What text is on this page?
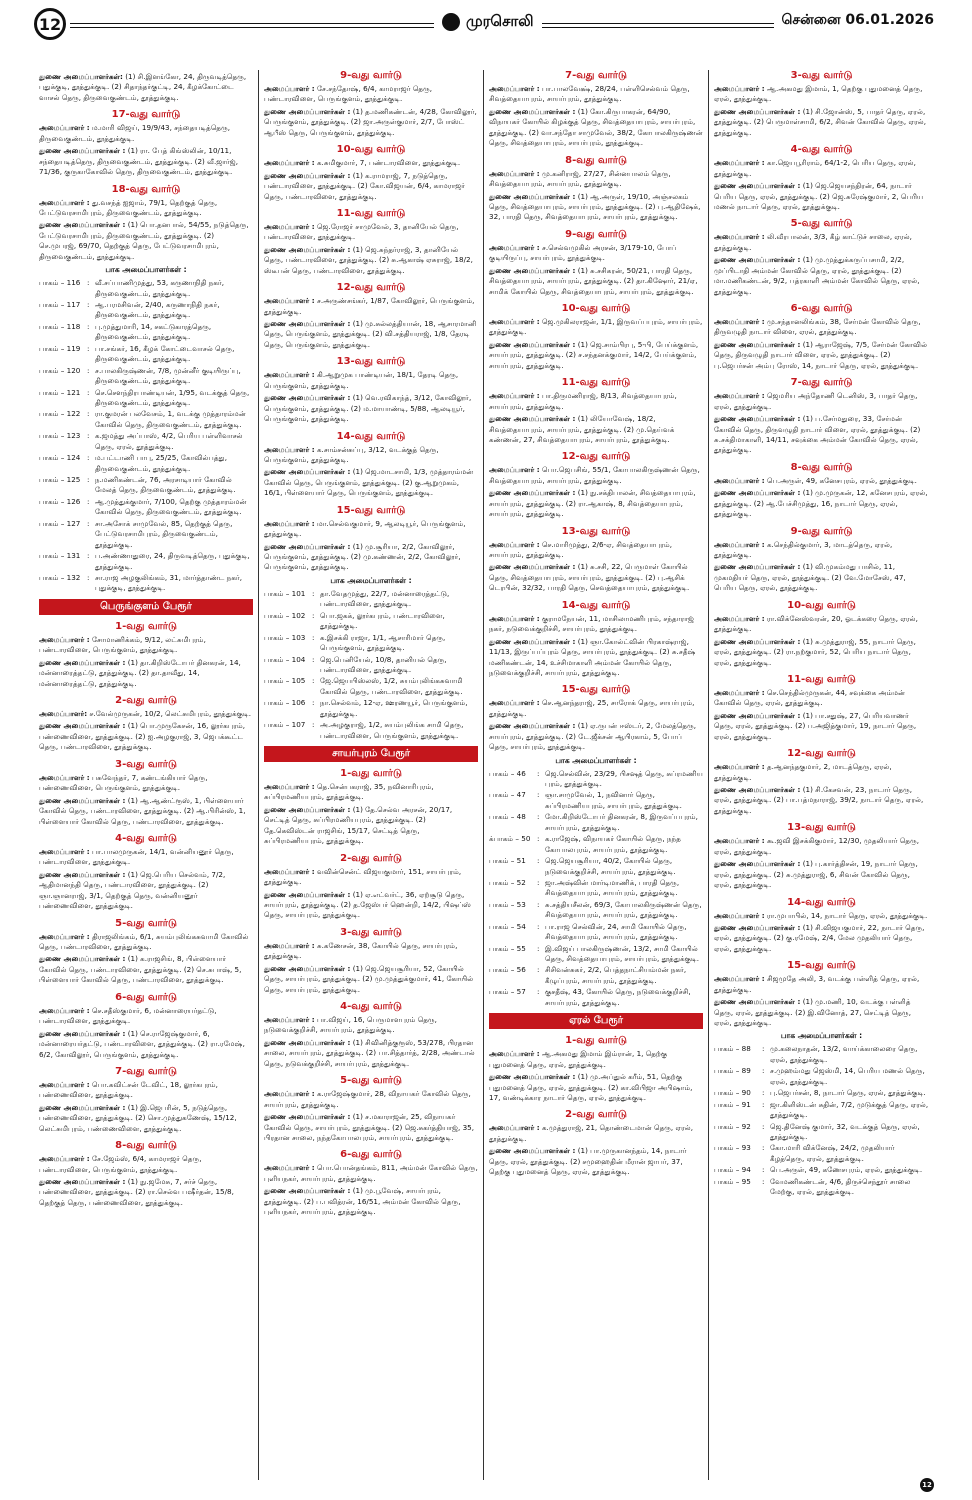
12	முரசொலி	சென்னை 06.01.2026
துணை அமைப்பாளர்கள்: (1) சி.இளங்கோ, 24, திருவடித்தெரு, புதுக்குடி, தூத்துக்குடி. (2) சிதாந்தர்குட்டி, 24, கீழக்கோட்டை வாசல் தெரு, திருவைகுண்டம், தூத்துக்குடி.
17-வது வார்டு
அமைப்பாளர் : ம.மாரி விஜய், 19/9/43, சந்தையடித்தெரு, திருவைகுண்டம், தூத்துக்குடி.
துணை அமைப்பாளர்கள் : (1) ரா. பேத் கிங்ஸ்லின், 10/11, சந்தையடித்தெரு, திருவைகுண்டம், தூத்துக்குடி. (2) வீ.ஜார்ஜ், 71/36, குருகாகோவில் தெரு, திருவைகுண்டம், தூத்துக்குடி.
18-வது வார்டு
அமைப்பாளர் : து.வசந்த் ஐஜாம், 79/1, தெற்குத் தெரு, பேட்டுவரசாமிபுரம், திருவைகுண்டம், தூத்துக்குடி.
துணை அமைப்பாளர்கள் : (1) பொ.தனபால், 54/55, நடுத்தெரு, பேட்டுவரசாமிபுரம், திருவைகுண்டம், தூத்துக்குடி. (2) செ.முபரஜ், 69/70, தெற்குத் தெரு, பேட்டுவரசாமிபுரம், திருவைகுண்டம், தூத்துக்குடி.
பாக அமைப்பாளர்கள் :
பாகம் – 116 : வீ.சப்பாணிமுத்து, 53, கருணாநிதி நகர், திருவைகுண்டம், தூத்துக்குடி.
பாகம் – 117 : ஆ.பரமசிவன், 2/40, கருணாநிதி நகர், திருவைகுண்டம், தூத்துக்குடி.
பாகம் – 118 : பு.முத்துமாரி, 14, சகட்டுகாரத்தெரு, திருவைகுண்டம், தூத்துக்குடி.
பாகம் – 119 : பா.சங்கர், 16, கீழக் கோட்டைவாசல் தெரு, திருவைகுண்டம், தூத்துக்குடி.
பாகம் – 120 : ச.பாலகிருஷ்ணன், 7/8, முன்னீர் குடியிருப்பு, திருவைகுண்டம், தூத்துக்குடி.
பாகம் – 121 : செ.சௌந்திரபாண்டியன், 1/95, வடக்குத் தெரு, திருவைகுண்டம், தூத்துக்குடி.
பாகம் – 122 : ரா.குமரன் பலவேசம், 1, வடக்கு முத்தாரம்மன் கோவில் தெரு, திருவைகுண்டம், தூத்துக்குடி.
பாகம் – 123 : க.ஜமத்து அப்பாஸ், 4/2, பெரிய பள்ளிவாசல் தெரு, ஏரல், தூத்துக்குடி.
பாகம் – 124 : ம.பட்டாணி பாபு, 25/25, கோவில்பத்து, திருவைகுண்டம், தூத்துக்குடி.
பாகம் – 125 : ந.மணிகண்டன், 76, அரசாடியார் கோவில் மேலத் தெரு, திருவைகுண்டம், தூத்துக்குடி.
பாகம் – 126 : ஆ.முத்துக்குமார், 7/100, தெற்கு முத்தாரம்மன் கோவில் தெரு, திருவைகுண்டம், தூத்துக்குடி.
பாகம் – 127 : சா.அசோக் சாமுவேல், 85, தெற்குத் தெரு, பேட்டுவரசாமிபுரம், திருவைகுண்டம், தூத்துக்குடி.
பாகம் – 131 : ப.அண்ணாதுரை, 24, திருவடித்தெரு, புதுக்குடி, தூத்துக்குடி.
பாகம் – 132 : சா.ராஜ அழகுலிங்கம், 31, மார்த்தாண்ட நகர், புதுக்குடி, தூத்துக்குடி.
பெருங்குளம் பேரூர்
1-வது வார்டு
அமைப்பாளர் : சோமாணிக்கம், 9/12, லட்சுமிபுரம், பண்டாரவிளை, பெருங்குளம், தூத்துக்குடி.
துணை அமைப்பாளர்கள் : (1) தா.கிறிஸ்டோபர் தினகரன், 14, மன்னாரைத்தட்டு, தூத்துக்குடி. (2) தா.தாவீது, 14, மன்னாரைத்தட்டு, தூத்துக்குடி.
2-வது வார்டு
அமைப்பாளர்: ச.வேல்முருகன், 10/2, லெட்சுமிபுரம், தூத்துக்குடி.
துணை அமைப்பாளர்கள் : (1) பொ.முருகேசன், 16, லூர்கபுரம், பண்ணைவிளை, தூத்துக்குடி. (2) ஐ.அழகுராஜ், 3, ஜெபக்கூட்ட தெரு, பண்டாரவிளை, தூத்துக்குடி.
3-வது வார்டு
அமைப்பாளர் : பசுவேந்தர், 7, கண்டங்கியார் தெரு, பண்ணைவிளை, பெருங்குளம், தூத்துக்குடி.
துணை அமைப்பாளர்கள் : (1) ஆ.ஆண்ட்ரூஸ், 1, பிள்ளையார் கோவில் தெரு, பண்டாரவிளை, தூத்துக்குடி. (2) ஆ.பிரின்ஸ், 1, பிள்ளையார் கோவில் தெரு, பண்டாரவிளை, தூத்துக்குடி.
4-வது வார்டு
அமைப்பாளர் : பா.பாலமுருகன், 14/1, வன்னியனூர் தெரு, பண்டாரவிளை, தூத்துக்குடி.
துணை அமைப்பாளர்கள் : (1) ஜெ.பெரிய செல்வம், 7/2, ஆதிமானந்தி தெரு, பண்டாரவிளை, தூத்துக்குடி. (2) ஞா.ஞானராஜ், 3/1, தெற்குத் தெரு, வன்னியனூர் பண்ணைவிளை, தூத்துக்குடி.
5-வது வார்டு
அமைப்பாளர் : திராஜலிங்கம், 6/1, சுயம்புலிங்கசுவாமி கோவில் தெரு, பண்டாரவிளை, தூத்துக்குடி.
துணை அமைப்பாளர்கள் : (1) க.ராஜசிங், 8, பிள்ளையார் கோவில் தெரு, பண்டாரவிளை, தூத்துக்குடி. (2) செ.சுபாஷ், 5, பிள்ளையார் கோவில் தெரு, பண்டாரவிளை, தூத்துக்குடி.
6-வது வார்டு
அமைப்பாளர் : செ.சதீஸ்குமார், 6, மன்னாரையர்தட்டு, பண்டாரவிளை, தூத்துக்குடி.
துணை அமைப்பாளர்கள் : (1) செ.ராஜேஷ்குமார், 6, மன்னாரையர்தட்டு, பண்டாரவிளை, தூத்துக்குடி. (2) ரா.ரமேஷ், 6/2, கோவிலூர், பெருங்குளம், தூத்துக்குடி.
7-வது வார்டு
அமைப்பாளர் : பொ.கவிட்சன் டேவிட், 18, லூர்கபுரம், பண்ணைவிளை, தூத்துக்குடி.
துணை அமைப்பாளர்கள் : (1) இ.ஜெபரின், 5, நடுத்தெரு, பண்ணைவிளை, தூத்துக்குடி. (2) சொ.முத்துகணேஷ், 15/12, லெட்சுமிபுரம், பண்ணைவிளை, தூத்துக்குடி.
8-வது வார்டு
அமைப்பாளர் : சே.ஜேம்ஸ், 6/4, காமராஜர் தெரு, பண்டாரவிளை, பெருங்குளம், தூத்துக்குடி.
துணை அமைப்பாளர்கள் : (1) நு.ஜமேசு, 7, சர்ச் தெரு, பண்ணைவிளை, தூத்துக்குடி. (2) ரா.செல்வ பஷீர்தன், 15/8, தெற்குத் தெரு, பண்ணைவிளை, தூத்துக்குடி.
9-வது வார்டு
அமைப்பாளர் : சே.சந்தோஷ், 6/4, காமராஜர் தெரு, பண்டாரவிளை, பெருங்குளம், தூத்துக்குடி.
துணை அமைப்பாளர்கள் : (1) த.மணிகண்டன், 4/28, கோவிலூர், பெருங்குளம், தூத்துக்குடி. (2) ஜா.அருள்குமார், 2/7, போஸ்ட் ஆபீஸ் தெரு, பெருங்குளம், தூத்துக்குடி.
10-வது வார்டு
அமைப்பாளர் : க.சுமிகுமார், 7, பண்டாரவிளை, தூத்துக்குடி.
துணை அமைப்பாளர்கள் : (1) க.ராமராஜ், 7, நடுத்தெரு, பண்டாரவிளை, தூத்துக்குடி. (2) கோ.விஜயன், 6/4, காமராஜர் தெரு, பண்டாரவிளை, தூத்துக்குடி.
11-வது வார்டு
அமைப்பாளர் : ஜெ.ரோஜர் சாமுவேல், 3, தானியேல் தெரு, பண்டாரவிளை, தூத்துக்குடி.
துணை அமைப்பாளர்கள் : (1) ஜெ.சுந்தர்ராஜ், 3, தானியேல் தெரு, பண்டாரவிளை, தூத்துக்குடி. (2) சு.ஆகாஷ் ஏசுராஜ், 18/2, ஸ்டீபன் தெரு, பண்டாரவிளை, தூத்துக்குடி.
12-வது வார்டு
அமைப்பாளர் : ச.அருண்சங்கர், 1/87, கோவிலூர், பெருங்குளம், தூத்துக்குடி.
துணை அமைப்பாளர்கள் : (1) மு.சுல்லத்தியான், 18, ஆசாரமானி தெரு, பெருங்குளம், தூத்துக்குடி. (2) வி.சத்தியராஜ், 1/8, தேரடி தெரு, பெருங்குளம், தூத்துக்குடி.
13-வது வார்டு
அமைப்பாளர் : கி.ஆறுமுக பாண்டியன், 18/1, தேரடி தெரு, பெருங்குளம், தூத்துக்குடி.
துணை அமைப்பாளர்கள் : (1) வெ.ரவிகாந்த், 3/12, கோவிலூர், பெருங்குளம், தூத்துக்குடி. (2) ம.மாயாண்டி, 5/88, ஆலடியூர், பெருங்குளம், தூத்துக்குடி.
14-வது வார்டு
அமைப்பாளர் : க.சாம்சன்சுப்பு, 3/12, வடக்குத் தெரு, பெருங்குளம், தூத்துக்குடி.
துணை அமைப்பாளர்கள் : (1) ஜெ.மாடசாமி, 1/3, முத்தாரம்மன் கோவில் தெரு, பெருங்குளம், தூத்துக்குடி. (2) கு.ஆறுமுகம், 16/1, பிள்ளையார் தெரு, பெருங்குளம், தூத்துக்குடி.
15-வது வார்டு
அமைப்பாளர் : மா.செல்வகுமார், 9, ஆலடியூர், பெருங்குளம், தூத்துக்குடி.
துணை அமைப்பாளர்கள் : (1) மு.சூரியா, 2/2, கோவிலூர், பெருங்குளம், தூத்துக்குடி. (2) மு.கண்ணன், 2/2, கோவிலூர், பெருங்குளம், தூத்துக்குடி.
பாக அமைப்பாளர்கள் :
பாகம் – 101 : தா.வேதமுத்து, 22/7, மன்னாரைத்தட்டு, பண்டாரவிளை, தூத்துக்குடி.
பாகம் – 102 : பொ.ஜகக், லூர்கபுரம், பண்டாரவிளை, தூத்துக்குடி.
பாகம் – 103 : க.இசக்கி ராஜா, 1/1, ஆசாரிமார் தெரு, பெருங்குளம், தூத்துக்குடி.
பாகம் – 104 : ஜெ.பெனியேல், 10/8, தானியல் தெரு, பண்டாரவிளை, தூத்துக்குடி.
பாகம் – 105 : ஜே.ஜெயபிஸ்லஸ், 1/2, சுயம்புலிங்கசுவாமி கோவில் தெரு, பண்டாரவிளை, தூத்துக்குடி.
பாகம் – 106 : நா.செல்வம், 12-ஏ, ஊரணயூர், பெருங்குளம், தூத்துக்குடி.
பாகம் – 107 : அ.அழகுராஜ், 1/2, சுயம்புலிங்க சாமி தெரு, பண்டாரவிளை, பெருங்குளம், தூத்துக்குடி.
சாயர்புரம் பேரூர்
1-வது வார்டு
அமைப்பாளர் : தெ.சென்பகராஜ், 35, நவினாரிபுரம், சுப்பிரமணியபுரம், தூத்துக்குடி.
துணை அமைப்பாளர்கள் : (1) தே.செல்வ அரசன், 20/17, செட்டித் தெரு, சுப்பிரமணியபுரம், தூத்துக்குடி. (2) தே.கெவிஸ்டன் ராஜசிங், 15/17, செட்டித் தெரு, சுப்பிரமணியபுரம், தூத்துக்குடி.
2-வது வார்டு
அமைப்பாளர் : வவின்சென்ட் விஜயகுமார், 151, சாயர்புரம், தூத்துக்குடி.
துணை அமைப்பாளர்கள் : (1) ஏ.எட்வர்ட், 36, ஏற்சூடு தெரு, சாயர்புரம், தூத்துக்குடி. (2) த.ஜேஸ்பர் ஹென்றி, 14/2, பிஷப்ஸ் தெரு, சாயர்புரம், தூத்துக்குடி.
3-வது வார்டு
அமைப்பாளர் : சு.கணேசன், 38, கோயில் தெரு, சாயர்புரம், தூத்துக்குடி.
துணை அமைப்பாளர்கள் : (1) ஜெ.ஜெயசூரியா, 52, கோயில் தெரு, சாயர்புரம், தூத்துக்குடி. (2) மு.முத்துக்குமார், 41, கோயில் தெரு, சாயர்புரம், தூத்துக்குடி.
4-வது வார்டு
அமைப்பாளர் : பா.விஜய், 16, பெருமாளபுரம் தெரு, நடுவைக்குறிச்சி, சாயர்புரம், தூத்துக்குடி.
துணை அமைப்பாளர்கள் : (1) சிவினித்குரூஸ், 53/278, பிரதான சாலை, சாயர்புரம், தூத்துக்குடி. (2) பா.சித்தார்த், 2/28, அண்டால் தெரு, நடுவக்குறிச்சி, சாயர்புரம், தூத்துக்குடி.
5-வது வார்டு
அமைப்பாளர் : க.ராஜேஷ்குமார், 28, விநாயகர் கோவில் தெரு, சாயர்புரம், தூத்துக்குடி.
துணை அமைப்பாளர்கள் : (1) ச.மகாராஜன், 25, விநாயகர் கோவில் தெரு, சாயர்புரம், தூத்துக்குடி. (2) ஜெ.சுகர்த்தியாஜ், 35, பிரதான சாலை, நந்தகோபாலபுரம், சாயர்புரம், தூத்துக்குடி.
6-வது வார்டு
அமைப்பாளர் : பொ.பொன்தங்கம், 811, அம்மன் கோவில் தெரு, புளியநகர், சாயர்புரம், தூத்துக்குடி.
துணை அமைப்பாளர்கள் : (1) மு.பூவேஷ், சாயர்புரம், தூத்துக்குடி. (2) ப.பவித்ரன், 16/51, அம்மன் கோவில் தெரு, புளியநகர், சாயர்புரம், தூத்துக்குடி.
7-வது வார்டு
அமைப்பாளர் : பா.பாலவேக்ஷ், 28/24, பள்ளிசெல்வம் தெரு, சிவத்தையாபுரம், சாயர்புரம், தூத்துக்குடி.
துணை அமைப்பாளர்கள் : (1) கோ.கிருபாகரன், 64/90, விநாயகர் கோயில் கிழக்குத் தெரு, சிவத்தையாபுரம், சாயர்புரம், தூத்துக்குடி. (2) வா.சந்தோ சாமுவேல், 38/2, கோபாலகிருஷ்ணன் தெரு, சிவத்தையாபுரம், சாயர்புரம், தூத்துக்குடி.
8-வது வார்டு
அமைப்பாளர் : மு.கனிராஜ், 27/27, சின்னபாலம் தெரு, சிவத்தையாபுரம், சாயர்புரம், தூத்துக்குடி.
துணை அமைப்பாளர்கள் : (1) ஆ.அருள், 19/10, அஞ்சலகம் தெரு, சிவத்தையாபுரம், சாயர்புரம், தூத்துக்குடி. (2) பு.ஆதிஷேக், 32, பாரதி தெரு, சிவத்தையாபுரம், சாயர்புரம், தூத்துக்குடி.
9-வது வார்டு
அமைப்பாளர் : ச.செல்வமுகில் அரசன், 3/179-10, போப் குடியிருப்பு, சாயர்புரம், தூத்துக்குடி.
துணை அமைப்பாளர்கள் : (1) சு.சசிகரன், 50/21, பாரதி தெரு, சிவத்தையாபுரம், சாயர்புரம், தூத்துக்குடி. (2) தா.கிஷோர், 21/ஏ, சாமிக் கோயில் தெரு, சிவத்தையாபுரம், சாயர்புரம், தூத்துக்குடி.
10-வது வார்டு
அமைப்பாளர் : ஜெ.முகிலராஜன், 1/1, இருவப்பபுரம், சாயர்புரம், தூத்துக்குடி.
துணை அமைப்பாளர்கள் : (1) ஜெ.சாம்பிரபு, 5-பி, பேய்க்குளம், சாயர்புரம், தூத்துக்குடி. (2) ச.சந்தனக்குமார், 14/2, பேய்க்குளம், சாயர்புரம், தூத்துக்குடி.
11-வது வார்டு
அமைப்பாளர் : பா.திருமணிராஜ், 8/13, சிவத்தையாபுரம், சாயர்புரம், தூத்துக்குடி.
துணை அமைப்பாளர்கள் : (1) லியோவேஷ், 18/2, சிவத்தையாபுரம், சாயர்புரம், தூத்துக்குடி. (2) மு.தெய்வக் கண்ணன், 27, சிவத்தையாபுரம், சாயர்புரம், தூத்துக்குடி.
12-வது வார்டு
அமைப்பாளர் : பொ.ஜெபசிங், 55/1, கோபாலகிருஷ்ணன் தெரு, சிவத்தையாபுரம், சாயர்புரம், தூத்துக்குடி.
துணை அமைப்பாளர்கள் : (1) நு.சக்திபாலன், சிவத்தையாபுரம், சாயர்புரம், தூத்துக்குடி. (2) ரா.ஆகாஷ், 8, சிவத்தையாபுரம், சாயர்புரம், தூத்துக்குடி.
13-வது வார்டு
அமைப்பாளர் : செ.மாரிமுத்து, 2/6-ஏ, சிவத்தையாபுரம், சாயர்புரம், தூத்துக்குடி.
துணை அமைப்பாளர்கள் : (1) சு.சசி, 22, பெருமாள் கோயில் தெரு, சிவத்தையாபுரம், சாயர்புரம், தூத்துக்குடி. (2) பு.ஆசிக் டெரபின், 32/32, பாரதி தெரு, செவத்தையாபுரம், தூத்துக்குடி.
14-வது வார்டு
அமைப்பாளர் : குராமநேயன், 11, மாசிலாமணிபுரம், சந்தாராஜ் நகர், நடுவைக்குறிச்சி, சாயர்புரம், தூத்துக்குடி.
துணை அமைப்பாளர்கள் : (1) ஞா.கோல்ட்வின் பிரகாஷ்ராஜ், 11/13, இருப்பப்புரம் தெரு, சாயர்புரம், தூத்துக்குடி. (2) சு.சதீஷ் மணிகண்டன், 14, உச்சிமாகாளி அம்மன் கோயில் தெரு, நடுவைக்குறிச்சி, சாயர்புரம், தூத்துக்குடி.
15-வது வார்டு
அமைப்பாளர் : செ.ஆனந்தராஜ், 25, சாரோக் தெரு, சாயர்புரம், தூத்துக்குடி.
துணை அமைப்பாளர்கள் : (1) ஏ.ருபன் ஈஸ்டர், 2, மேலத்தெரு, சாயர்புரம், தூத்துக்குடி. (2) டே.ஜீக்சன் ஆபிரகாம், 5, போப் தெரு, சாயர்புரம், தூத்துக்குடி.
பாக அமைப்பாளர்கள் :
பாகம் – 46	: ஜெ.செல்வின், 23/29, பிசஷத் தெரு, சுப்ரமணிய புரம், தூத்துக்குடி.
பாகம் – 47	: ஞா.சாமுவேல், 1, நவினார் தெரு, சுப்பிரமணியபுரம், சாயர்புரம், தூத்துக்குடி.
பாகம் – 48	: மோ.கிறிஸ்டோபர் தினகரன், 8, இருவப்பபுரம், சாயர்புரம், தூத்துக்குடி.
க்பாகம் – 50 : க.ராஜேஷ், விநாயகர் கோயில் தெரு, நந்த கோபாலபுரம், சாயர்புரம், தூத்துக்குடி.
பாகம் – 51	: ஜெ.ஜெயசூரியா, 40/2, கோயில் தெரு, நடுவைக்குறிச்சி, சாயர்புரம், தூத்துக்குடி.
பாகம் – 52	: ஜா.அஷ்வின் மார்டிமாணிக், பாரதி தெரு, சிவத்தையாபுரம், சாயர்புரம், தூத்துக்குடி.
பாகம் – 53	: சு.சத்தியசீலன், 69/3, கோபாலகிருஷ்ணன் தெரு, சிவத்தையாபுரம், சாயர்புரம், தூத்துக்குடி.
பாகம் – 54	: பா.ராஜ செல்வின், 24, சாமி கோயில் தெரு, சிவத்தையாபுரம், சாயர்புரம், தூத்துக்குடி.
பாகம் – 55	: இ.விஜய் பாலகிருஷ்ணன், 13/2, சாமி கோயில் தெரு, சிவத்தையாபுரம், சாயர்புரம், தூத்துக்குடி.
பாகம் – 56	: சிசிவன்சுகர், 2/2, பெத்தநாட்சியம்மன் நகர், கீழுப்புரம், சாயர்புரம், தூத்துக்குடி.
பாகம் – 57	: குசதீஷ், 43, கோயில் தெரு, நடுவைக்குறிச்சி, சாயர்புரம், தூத்துக்குடி.
ஏரல் பேரூர்
1-வது வார்டு
அமைப்பாளர் : ஆ.அகமது இமாம் இம்ரான், 1, தெற்கு புதுமனைத் தெரு, ஏரல், தூத்துக்குடி.
துணை அமைப்பாளர்கள் : (1) மு.அப்துல் கரீம், 51, தெற்கு புதுமனைத் தெரு, ஏரல், தூத்துக்குடி. (2) கா.விபிஜா அபிஷாம், 17, வண்டிக்கார நாடார் தெரு, ஏரல், தூத்துக்குடி.
2-வது வார்டு
அமைப்பாளர் : க.முத்துராஜ், 21, தொண்டைமான் தெரு, ஏரல், தூத்துக்குடி.
துணை அமைப்பாளர்கள் : (1) பா.முருகானந்தம், 14, நாடார் தெரு, ஏரல், தூத்துக்குடி. (2) சமுஹைதின் மீரான் ஜாபர், 37, தெற்கு புதுமனைத் தெரு, ஏரல், தூத்துக்குடி.
3-வது வார்டு
அமைப்பாளர் : ஆ.அகமது இமாம், 1, தெற்கு புதுமனைத் தெரு, ஏரல், தூத்துக்குடி.
துணை அமைப்பாளர்கள் : (1) சி.ஜோன்ஸ், 5, பாதர் தெரு, ஏரல், தூத்துக்குடி. (2) பெருமாள்சாமி, 6/2, சிவன் கோவில் தெரு, ஏரல், தூத்துக்குடி.
4-வது வார்டு
அமைப்பாளர் : கா.ஜெயபூரிராம், 64/1-2, பெரிய தெரு, ஏரல், தூத்துக்குடி.
துணை அமைப்பாளர்கள் : (1) ஜெ.ஜெயசந்திரன், 64, நாடார் பெரிய தெரு, ஏரல், தூத்துக்குடி. (2) ஜெ.சுரேஷ்குமார், 2, பெரிய மணல் நாடார் தெரு, ஏரல், தூத்துக்குடி.
5-வது வார்டு
அமைப்பாளர் : லி.வீரபாலன், 3/3, கீழ் காட்டுச் சாலை, ஏரல், தூத்துக்குடி.
துணை அமைப்பாளர்கள் : (1) மு.முத்துக்கருப்பசாமி, 2/2, முப்பிடாதி அம்மன் கோவில் தெரு, ஏரல், தூத்துக்குடி. (2) மா.மணிகண்டன், 9/2, பத்ரகாளி அம்மன் கோவில் தெரு, ஏரல், தூத்துக்குடி.
6-வது வார்டு
அமைப்பாளர் : மு.சந்தானலிங்கம், 38, சேர்மன் கோவில் தெரு, திருவழுதி நாடார் விளை, ஏரல், தூத்துக்குடி.
துணை அமைப்பாளர்கள் : (1) ஆராஜேஷ், 7/5, சேர்மன் கோவில் தெரு, திருவழுதி நாடார் விளை, ஏரல், தூத்துக்குடி. (2) பு.ஜெபர்சன் அம்பு ரோஸ், 14, நாடார் தெரு, ஏரல், தூத்துக்குடி.
7-வது வார்டு
அமைப்பாளர் : ஜெமரிய அந்தோணி டெனிஸ், 3, பாதர் தெரு, ஏரல், தூத்துக்குடி.
துணை அமைப்பாளர்கள் : (1) ப.சேர்மதுரை, 33, சேர்மன் கோவில் தெரு, திருவழுதி நாடார் விளை, ஏரல், தூத்துக்குடி. (2) சு.சக்திமாகாளி, 14/11, சவுக்கை அம்மன் கோவில் தெரு, ஏரல், தூத்துக்குடி.
8-வது வார்டு
அமைப்பாளர் : பெ.அருள், 49, கனேசபுரம், ஏரல், தூத்துக்குடி.
துணை அமைப்பாளர்கள் : (1) மு.முருகன், 12, கனேசபுரம், ஏரல், தூத்துக்குடி. (2) ஆ.பேச்சிமுத்து, 16, நாடார் தெரு, ஏரல், தூத்துக்குடி.
9-வது வார்டு
அமைப்பாளர் : க.செந்தில்குமார், 3, மாடத்தெரு, ஏரல், தூத்துக்குடி.
துணை அமைப்பாளர்கள் : (1) வி.முகம்மது பாசில், 11, முகமதியர் தெரு, ஏரல், தூத்துக்குடி. (2) வே.மோசேஸ், 47, பெரிய தெரு, ஏரல், தூத்துக்குடி.
10-வது வார்டு
அமைப்பாளர் : ரா.விக்னேஸ்வரன், 20, ஓடக்கரை தெரு, ஏரல், தூத்துக்குடி.
துணை அமைப்பாளர்கள் : (1) சு.முத்துராஜ், 55, நாடார் தெரு, ஏரல், தூத்துக்குடி. (2) ரா.நற்குமார், 52, பெரிய நாடார் தெரு, ஏரல், தூத்துக்குடி.
11-வது வார்டு
அமைப்பாளர் : செ.செந்தில்முருகன், 44, சவுக்கை அம்மன் கோவில் தெரு, ஏரல், தூத்துக்குடி.
துணை அமைப்பாளர்கள் : (1) பா.சதுஷ், 27, பெரியவாணர் தெரு, ஏரல், தூத்துக்குடி. (2) ப.அஜித்குமார், 19, நாடார் தெரு, ஏரல், தூத்துக்குடி.
12-வது வார்டு
அமைப்பாளர் : த.ஆனந்தகுமார், 2, மாடத்தெரு, ஏரல், தூத்துக்குடி.
துணை அமைப்பாளர்கள் : (1) சி.கேசவன், 23, நாடார் தெரு, ஏரல், தூத்துக்குடி. (2) பா.பத்மநாராஜ், 39/2, நாடார் தெரு, ஏரல், தூத்துக்குடி.
13-வது வார்டு
அமைப்பாளர் : கூ.ஜவி இசக்கிகுமார், 12/30, முதலியார் தெரு, ஏரல், தூத்துக்குடி.
துணை அமைப்பாளர்கள் : (1) பு.கார்த்திசன், 19, நாடார் தெரு, ஏரல், தூத்துக்குடி. (2) சு.முத்துராஜ், 6, சிவன் கோவில் தெரு, ஏரல், தூத்துக்குடி.
14-வது வார்டு
அமைப்பாளர் : ரா.முபாபில், 14, நாடார் தெரு, ஏரல், தூத்துக்குடி.
துணை அமைப்பாளர்கள் : (1) சி.விஜயகுமார், 22, நாடார் தெரு, ஏரல், தூத்துக்குடி. (2) கு.ரமேஷ், 2/4, மேல முதலியார் தெரு, ஏரல், தூத்துக்குடி.
15-வது வார்டு
அமைப்பாளர் : சிஜமுதே அலி, 3, வடக்கு பள்ளித் தெரு, ஏரல், தூத்துக்குடி.
துணை அமைப்பாளர்கள் : (1) மு.மணி, 10, வடக்கு பள்ளித் தெரு, ஏரல், தூத்துக்குடி. (2) இ.வினோத், 27, செட்டித் தெரு, ஏரல், தூத்துக்குடி.
பாக அமைப்பாளர்கள் :
பாகம் – 88	: மு.கலைநாதன், 13/2, வாய்க்காலைரை தெரு, ஏரல், தூத்துக்குடி.
பாகம் – 89	: ச.முஹம்மது ஜெஸ்மி, 14, பெரிய மணல் தெரு, ஏரல், தூத்துக்குடி.
பாகம் – 90	: பு.ஜெபர்சன், 8, நாடார் தெரு, ஏரல், தூத்துக்குடி.
பாகம் – 91	: ஜா.கிளிஸ்டன் சுதின், 7/2, முடுக்குத் தெரு, ஏரல், தூத்துக்குடி.
பாகம் – 92	: ஜெ.தினேஷ் குமார், 32, வடக்குத் தெரு, ஏரல், தூத்துக்குடி.
பாகம் – 93	: கோ.மாரி விக்னேஷ், 24/2, முதலியார் கீழத்தெரு, ஏரல், தூத்துக்குடி.
பாகம் – 94	: பெ.அருள், 49, கணேசபுரம், ஏரல், தூத்துக்குடி.
பாகம் – 95	: வேமணிகண்டன், 4/6, திருச்செந்தூர் சாலை மேற்கு, ஏரல், தூத்துக்குடி.
12
